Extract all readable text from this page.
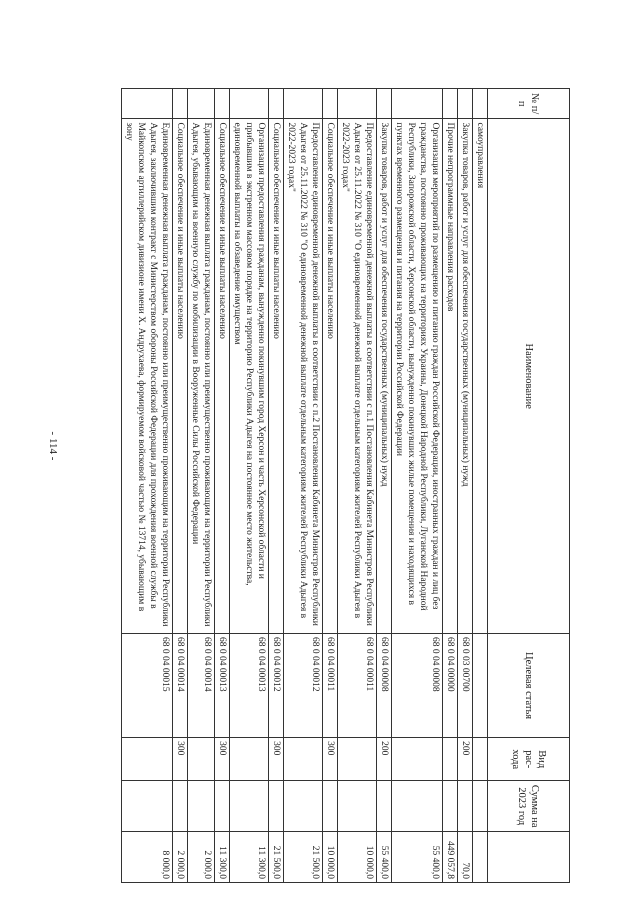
- 114 -
№ п/п	Наименование	Целевая статья	Вид рас-хода	Сумма на 2023 год	
	самоуправления				
	Закупка товаров, работ и услуг для обеспечения государственных (муниципальных) нужд	68 0 03 00700	200		70,0
	Прочие непрограммные направления расходов	68 0 04 00000			449 057,8
	Организация мероприятий по размещению и питанию граждан Российской Федерации, иностранных граждан и лиц без гражданства, постоянно проживающих на территориях Украины, Донецкой Народной Республики, Луганской Народной Республики, Запорожской области, Херсонской области, вынужденно покинувших жилые помещения и находящихся в пунктах временного размещения и питания на территории Российской Федерации	68 0 04 00008			55 400,0
	Закупка товаров, работ и услуг для обеспечения государственных (муниципальных) нужд	68 0 04 00008	200		55 400,0
	Предоставление единовременной денежной выплаты в соответствии с п.1 Постановления Кабинета Министров Республики Адыгея от 25.11.2022 № 310 "О единовременной денежной выплате отдельным категориям жителей Республики Адыгея в 2022-2023 годах"	68 0 04 00011			10 000,0
	Социальное обеспечение и иные выплаты населению	68 0 04 00011	300		10 000,0
	Предоставление единовременной денежной выплаты в соответствии с п.2 Постановления Кабинета Министров Республики Адыгея от 25.11.2022 № 310 "О единовременной денежной выплате отдельным категориям жителей Республики Адыгея в 2022-2023 годах"	68 0 04 00012			21 500,0
	Социальное обеспечение и иные выплаты населению	68 0 04 00012	300		21 500,0
	Организация предоставления гражданам, вынужденно покинувшим город Херсон и часть Херсонской области и прибывшим в экстренном массовом порядке на территорию Республики Адыгея на постоянное место жительства, единовременной выплаты на обзаведение имуществом	68 0 04 00013			11 300,0
	Социальное обеспечение и иные выплаты населению	68 0 04 00013	300		11 300,0
	Единовременная денежная выплата гражданам, постоянно или преимущественно проживающим на территории Республики Адыгея, убывающим на военную службу по мобилизации в Вооруженные Силы Российской Федерации	68 0 04 00014			2 000,0
	Социальное обеспечение и иные выплаты населению	68 0 04 00014	300		2 000,0
	Единовременная денежная выплата гражданам, постоянно или преимущественно проживающим на территории Республики Адыгея, заключившим контракт с Министерством обороны Российской Федерации для прохождения военной службы в Майкопском артиллерийском дивизионе имени Х. Андрухаева, формируемом войсковой частью № 13714, убывающим в зону	68 0 04 00015			8 000,0
